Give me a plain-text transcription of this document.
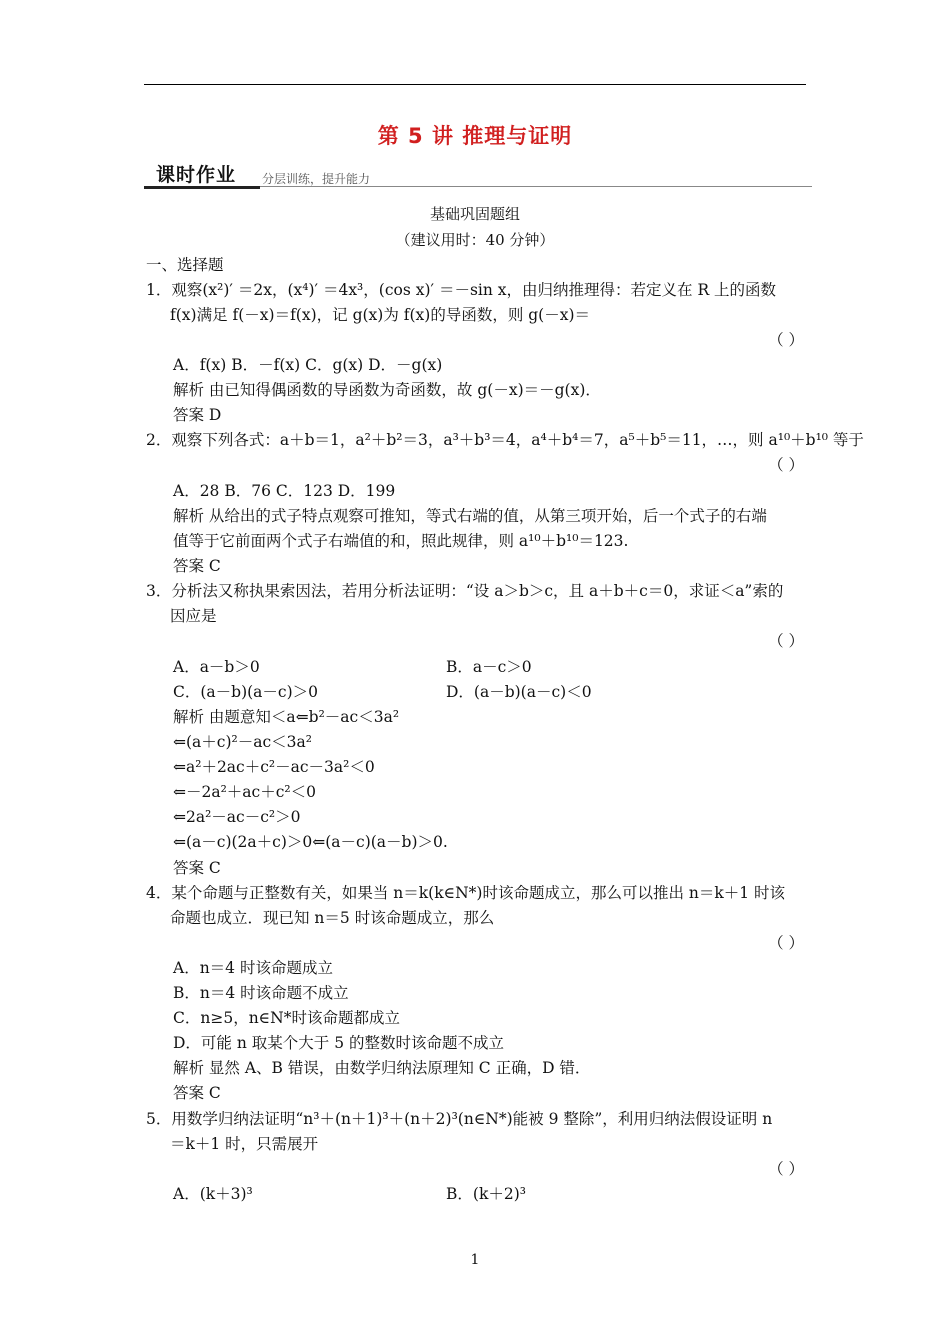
第 5 讲 推理与证明
课时作业 分层训练，提升能力
基础巩固题组
（建议用时：40 分钟）
一、选择题
1．观察(x²)′ ＝2x，(x⁴)′ ＝4x³，(cos x)′ ＝－sin x，由归纳推理得：若定义在 R 上的函数
f(x)满足 f(－x)＝f(x)，记 g(x)为 f(x)的导函数，则 g(－x)＝
（ ）
A．f(x) B．－f(x) C．g(x) D．－g(x)
解析 由已知得偶函数的导函数为奇函数，故 g(－x)＝－g(x)．
答案 D
2．观察下列各式：a＋b＝1，a²＋b²＝3，a³＋b³＝4，a⁴＋b⁴＝7，a⁵＋b⁵＝11，…，则 a¹⁰＋b¹⁰ 等于
（ ）
A．28 B．76 C．123 D．199
解析 从给出的式子特点观察可推知，等式右端的值，从第三项开始，后一个式子的右端
值等于它前面两个式子右端值的和，照此规律，则 a¹⁰＋b¹⁰＝123.
答案 C
3．分析法又称执果索因法，若用分析法证明：“设 a＞b＞c，且 a＋b＋c＝0，求证＜a”索的
因应是
（ ）
A．a－b＞0	B．a－c＞0
C．(a－b)(a－c)＞0	D．(a－b)(a－c)＜0
解析 由题意知＜a⇐b²－ac＜3a²
⇐(a＋c)²－ac＜3a²
⇐a²＋2ac＋c²－ac－3a²＜0
⇐－2a²＋ac＋c²＜0
⇐2a²－ac－c²＞0
⇐(a－c)(2a＋c)＞0⇐(a－c)(a－b)＞0.
答案 C
4．某个命题与正整数有关，如果当 n＝k(k∈N*)时该命题成立，那么可以推出 n＝k＋1 时该
命题也成立．现已知 n＝5 时该命题成立，那么
（ ）
A．n＝4 时该命题成立
B．n＝4 时该命题不成立
C．n≥5，n∈N*时该命题都成立
D．可能 n 取某个大于 5 的整数时该命题不成立
解析 显然 A、B 错误，由数学归纳法原理知 C 正确，D 错．
答案 C
5．用数学归纳法证明“n³＋(n＋1)³＋(n＋2)³(n∈N*)能被 9 整除”，利用归纳法假设证明 n
＝k＋1 时，只需展开
（ ）
A．(k＋3)³	B．(k＋2)³
1
